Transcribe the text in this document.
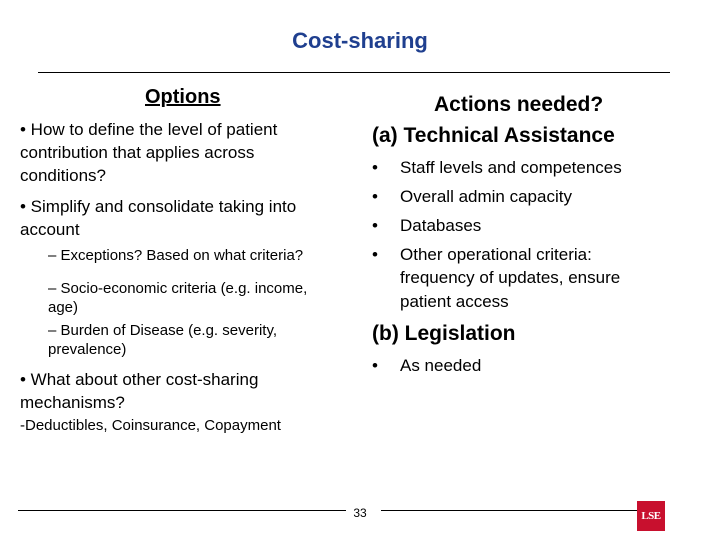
Cost-sharing
Options
• How to define the level of patient
contribution that applies across
conditions?
• Simplify and consolidate taking into
account
– Exceptions? Based on what criteria?
– Socio-economic criteria (e.g. income,
age)
– Burden of Disease (e.g. severity,
prevalence)
• What about other cost-sharing
mechanisms?
-Deductibles, Coinsurance, Copayment
Actions needed?
(a) Technical Assistance
• Staff levels and competences
• Overall admin capacity
• Databases
• Other operational criteria:
frequency of updates, ensure
patient access
(b) Legislation
• As needed
33	LSE
